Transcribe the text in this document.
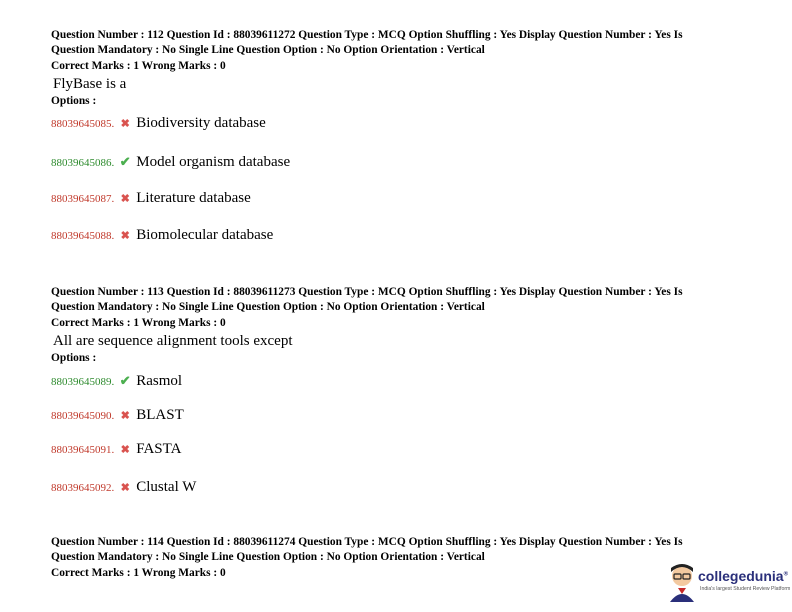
Question Number : 112 Question Id : 88039611272 Question Type : MCQ Option Shuffling : Yes Display Question Number : Yes Is
Question Mandatory : No Single Line Question Option : No Option Orientation : Vertical
Correct Marks : 1 Wrong Marks : 0
FlyBase is a
Options :
88039645085. ✖ Biodiversity database
88039645086. ✔ Model organism database
88039645087. ✖ Literature database
88039645088. ✖ Biomolecular database
Question Number : 113 Question Id : 88039611273 Question Type : MCQ Option Shuffling : Yes Display Question Number : Yes Is
Question Mandatory : No Single Line Question Option : No Option Orientation : Vertical
Correct Marks : 1 Wrong Marks : 0
All are sequence alignment tools except
Options :
88039645089. ✔ Rasmol
88039645090. ✖ BLAST
88039645091. ✖ FASTA
88039645092. ✖ Clustal W
Question Number : 114 Question Id : 88039611274 Question Type : MCQ Option Shuffling : Yes Display Question Number : Yes Is
Question Mandatory : No Single Line Question Option : No Option Orientation : Vertical
Correct Marks : 1 Wrong Marks : 0	collegedunia®
India's largest Student Review Platform
